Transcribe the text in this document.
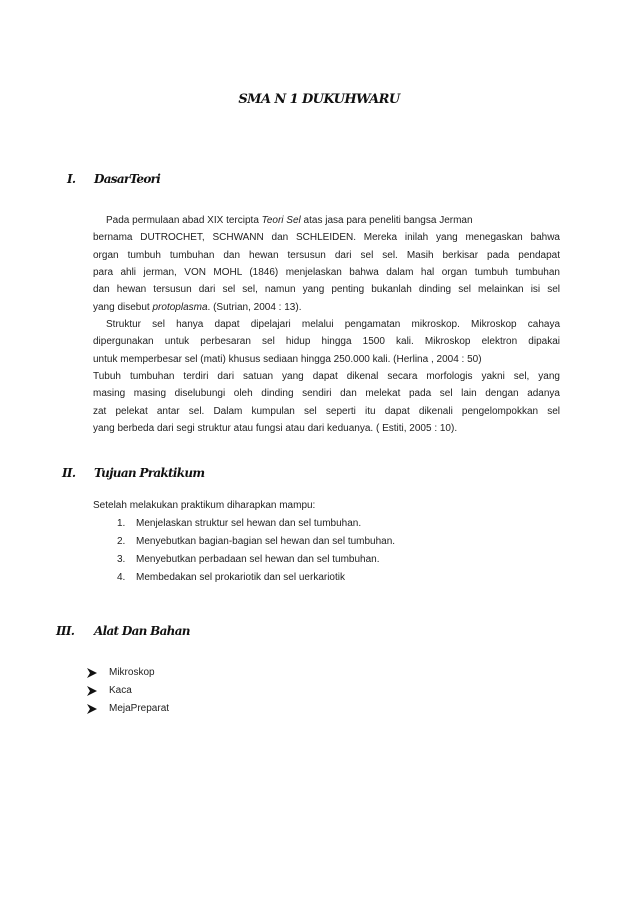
SMA N 1 DUKUHWARU
I. DasarTeori
Pada permulaan abad XIX tercipta Teori Sel atas jasa para peneliti bangsa Jerman
bernama DUTROCHET, SCHWANN dan SCHLEIDEN. Mereka inilah yang menegaskan bahwa
organ tumbuh tumbuhan dan hewan tersusun dari sel sel. Masih berkisar pada pendapat
para ahli jerman, VON MOHL (1846) menjelaskan bahwa dalam hal organ tumbuh tumbuhan
dan hewan tersusun dari sel sel, namun yang penting bukanlah dinding sel melainkan isi sel
yang disebut protoplasma. (Sutrian, 2004 : 13).
Struktur sel hanya dapat dipelajari melalui pengamatan mikroskop. Mikroskop cahaya
dipergunakan untuk perbesaran sel hidup hingga 1500 kali. Mikroskop elektron dipakai
untuk memperbesar sel (mati) khusus sediaan hingga 250.000 kali. (Herlina , 2004 : 50)
Tubuh tumbuhan terdiri dari satuan yang dapat dikenal secara morfologis yakni sel, yang
masing masing diselubungi oleh dinding sendiri dan melekat pada sel lain dengan adanya
zat pelekat antar sel. Dalam kumpulan sel seperti itu dapat dikenali pengelompokkan sel
yang berbeda dari segi struktur atau fungsi atau dari keduanya. ( Estiti, 2005 : 10).
II. Tujuan Praktikum
Setelah melakukan praktikum diharapkan mampu:
1. Menjelaskan struktur sel hewan dan sel tumbuhan.
2. Menyebutkan bagian-bagian sel hewan dan sel tumbuhan.
3. Menyebutkan perbadaan sel hewan dan sel tumbuhan.
4. Membedakan sel prokariotik dan sel uerkariotik
III. Alat Dan Bahan
Mikroskop
Kaca
MejaPreparat
